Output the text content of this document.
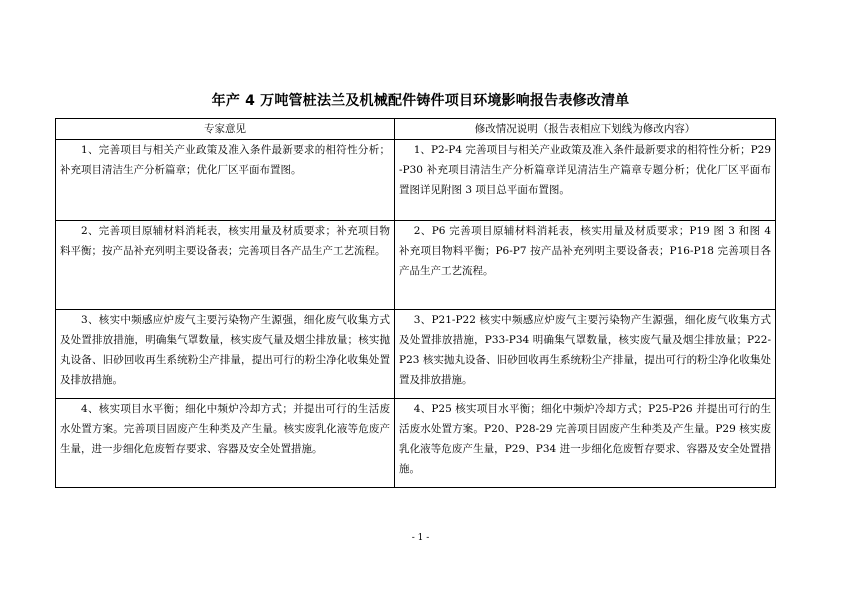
年产 4 万吨管桩法兰及机械配件铸件项目环境影响报告表修改清单
专家意见	修改情况说明（报告表相应下划线为修改内容）

1、完善项目与相关产业政策及准入条件最新要求的相符性分析；补充项目清洁生产分析篇章；优化厂区平面布置图。	1、P2-P4 完善项目与相关产业政策及准入条件最新要求的相符性分析；P29-P30 补充项目清洁生产分析篇章详见清洁生产篇章专题分析；优化厂区平面布置图详见附图 3 项目总平面布置图。

2、完善项目原辅材料消耗表，核实用量及材质要求；补充项目物料平衡；按产品补充列明主要设备表；完善项目各产品生产工艺流程。	2、P6 完善项目原辅材料消耗表，核实用量及材质要求；P19 图 3 和图 4 补充项目物料平衡；P6-P7 按产品补充列明主要设备表；P16-P18 完善项目各产品生产工艺流程。

3、核实中频感应炉废气主要污染物产生源强，细化废气收集方式及处置排放措施，明确集气罩数量，核实废气量及烟尘排放量；核实抛丸设备、旧砂回收再生系统粉尘产排量，提出可行的粉尘净化收集处置及排放措施。	3、P21-P22 核实中频感应炉废气主要污染物产生源强，细化废气收集方式及处置排放措施，P33-P34 明确集气罩数量，核实废气量及烟尘排放量；P22-P23 核实抛丸设备、旧砂回收再生系统粉尘产排量，提出可行的粉尘净化收集处置及排放措施。

4、核实项目水平衡；细化中频炉冷却方式；并提出可行的生活废水处置方案。完善项目固废产生种类及产生量。核实废乳化液等危废产生量，进一步细化危废暂存要求、容器及安全处置措施。	4、P25 核实项目水平衡；细化中频炉冷却方式；P25-P26 并提出可行的生活废水处置方案。P20、P28-29 完善项目固废产生种类及产生量。P29 核实废乳化液等危废产生量，P29、P34 进一步细化危废暂存要求、容器及安全处置措施。
- 1 -
